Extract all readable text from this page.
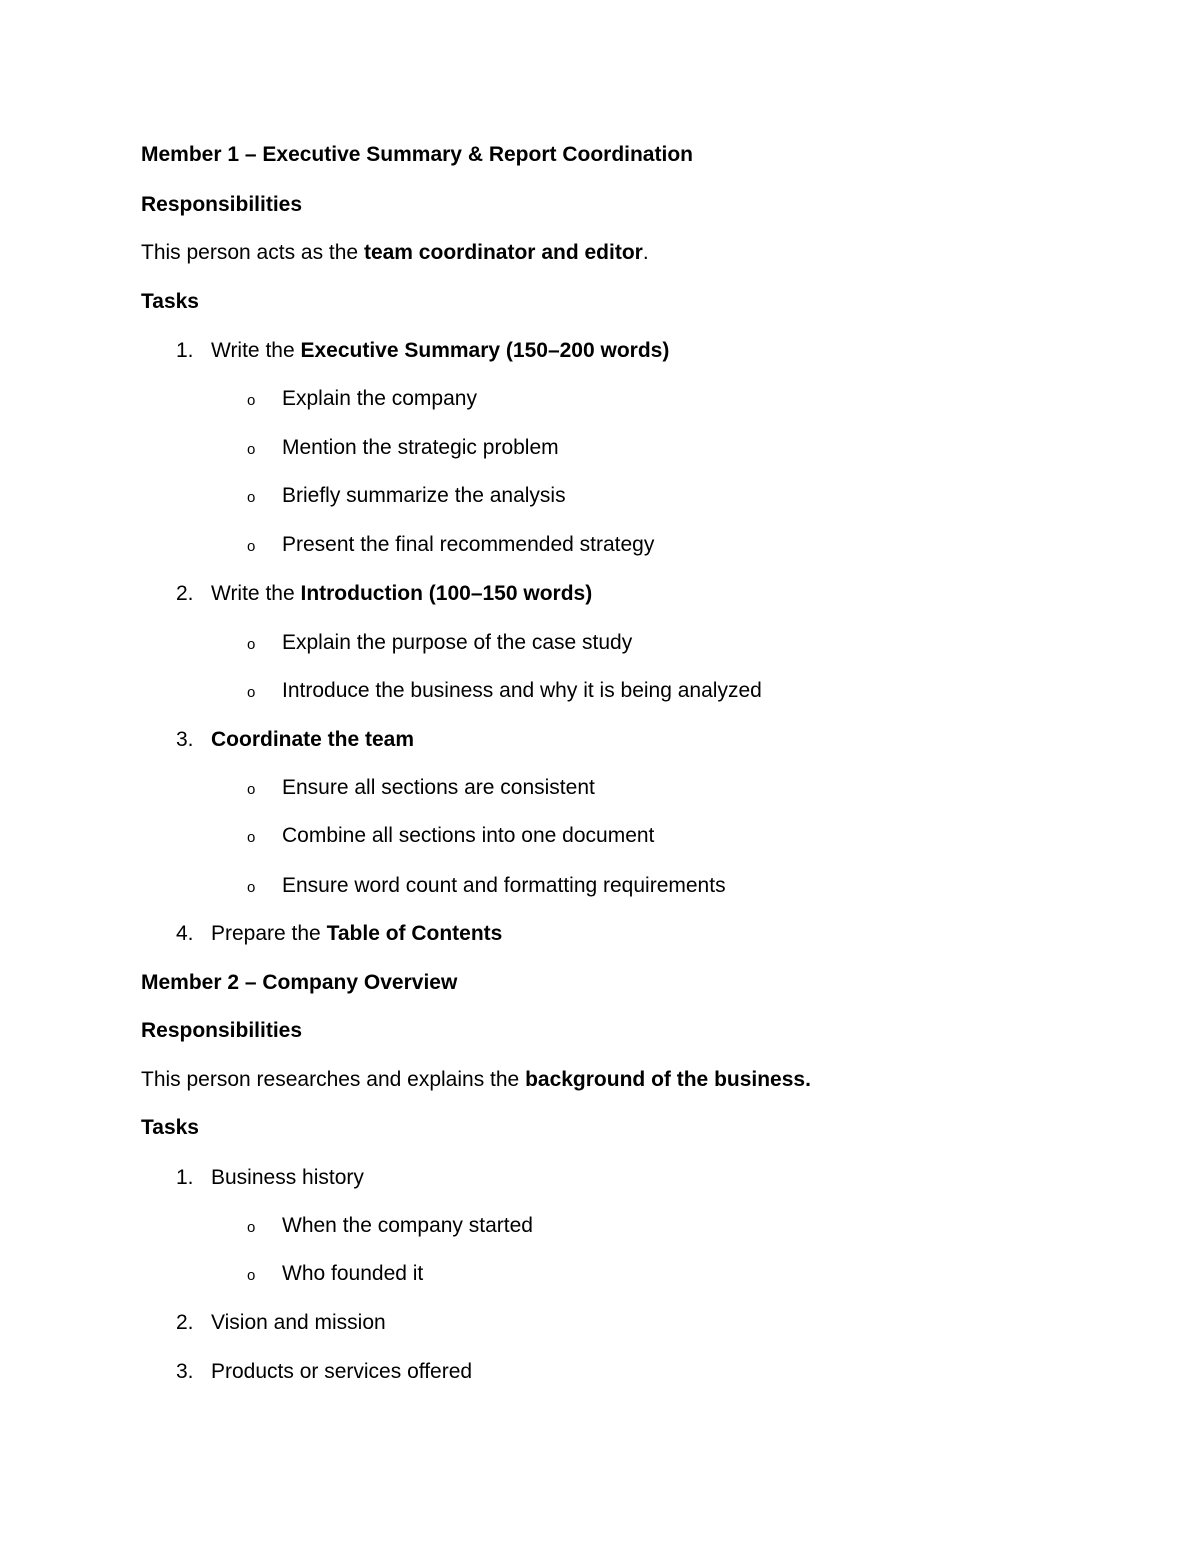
Member 1 – Executive Summary & Report Coordination
Responsibilities
This person acts as the team coordinator and editor.
Tasks
1. Write the Executive Summary (150–200 words)
o Explain the company
o Mention the strategic problem
o Briefly summarize the analysis
o Present the final recommended strategy
2. Write the Introduction (100–150 words)
o Explain the purpose of the case study
o Introduce the business and why it is being analyzed
3. Coordinate the team
o Ensure all sections are consistent
o Combine all sections into one document
o Ensure word count and formatting requirements
4. Prepare the Table of Contents
Member 2 – Company Overview
Responsibilities
This person researches and explains the background of the business.
Tasks
1. Business history
o When the company started
o Who founded it
2. Vision and mission
3. Products or services offered
